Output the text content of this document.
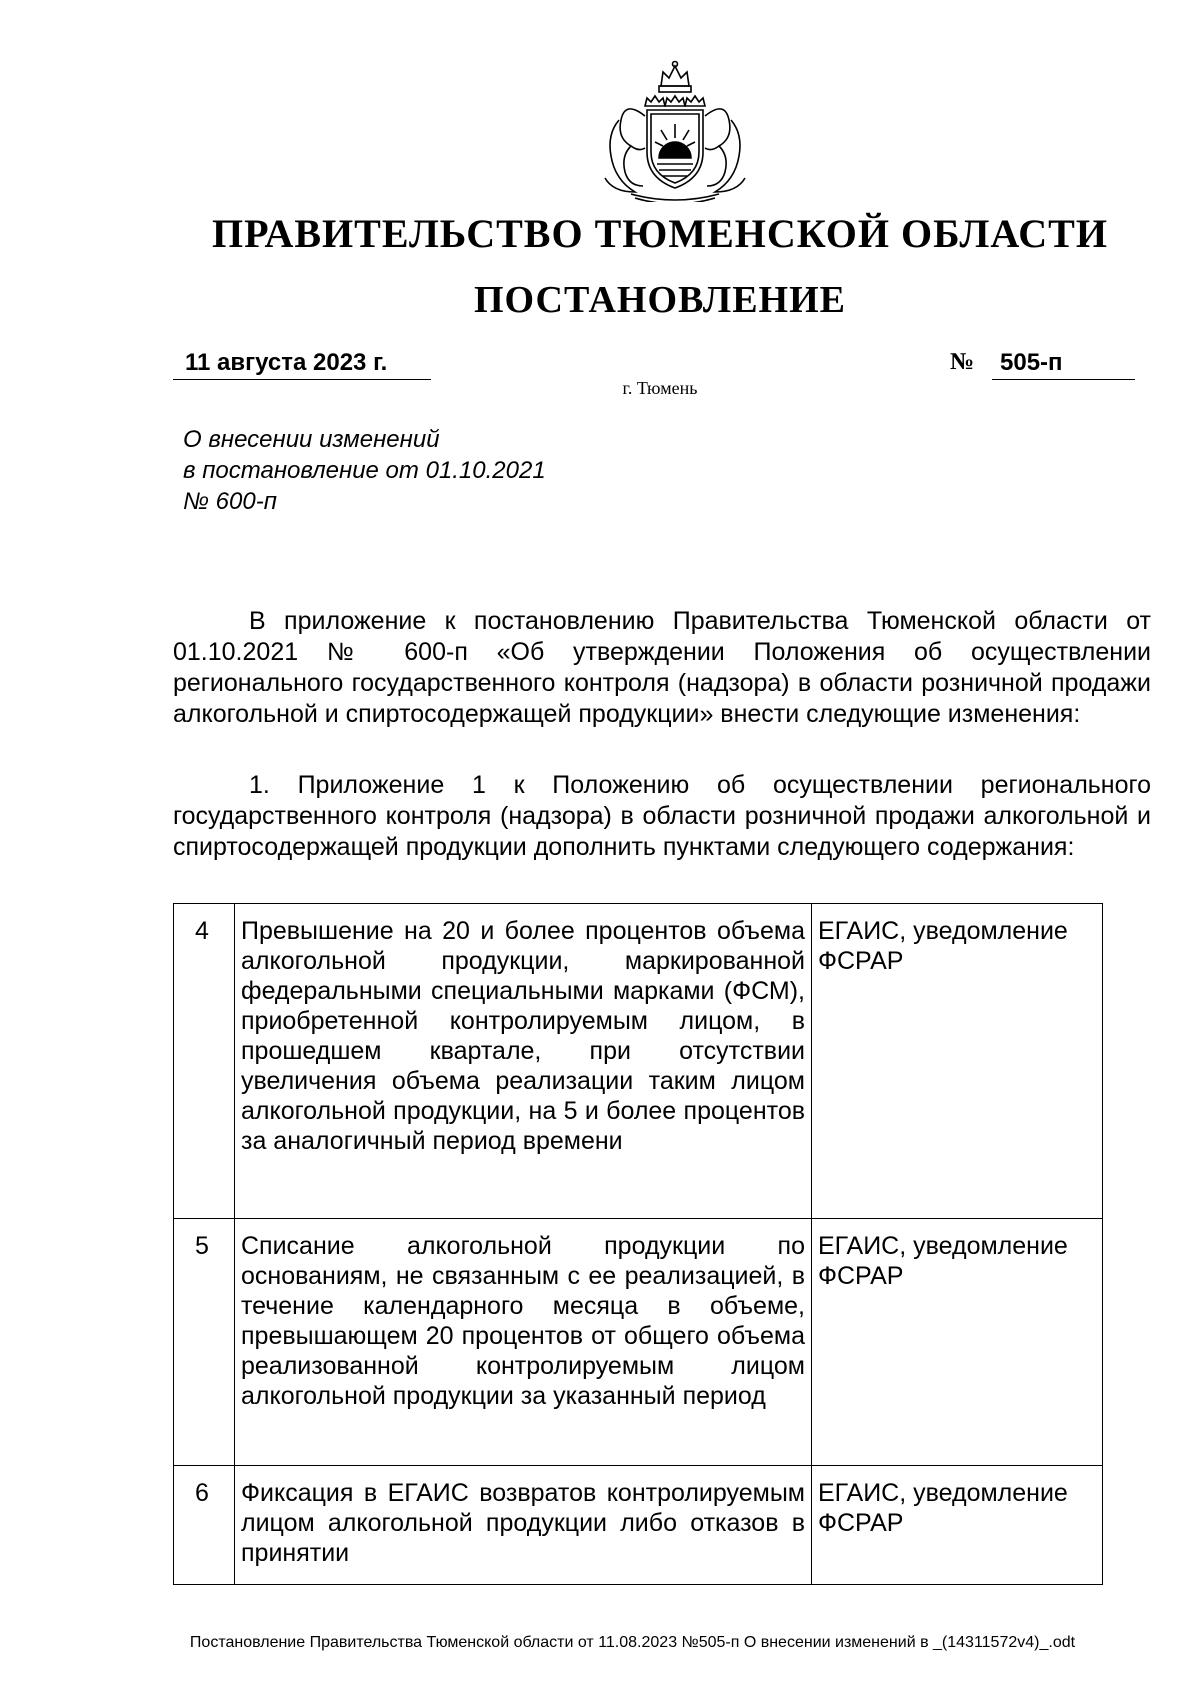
ПРАВИТЕЛЬСТВО ТЮМЕНСКОЙ ОБЛАСТИ
ПОСТАНОВЛЕНИЕ
11 августа 2023 г.	№ 505-п
г. Тюмень
О внесении изменений
в постановление от 01.10.2021
№ 600-п
В приложение к постановлению Правительства Тюменской области от 01.10.2021 № 600-п «Об утверждении Положения об осуществлении регионального государственного контроля (надзора) в области розничной продажи алкогольной и спиртосодержащей продукции» внести следующие изменения:
1. Приложение 1 к Положению об осуществлении регионального государственного контроля (надзора) в области розничной продажи алкогольной и спиртосодержащей продукции дополнить пунктами следующего содержания:
4	Превышение на 20 и более процентов объема алкогольной продукции, маркированной федеральными специальными марками (ФСМ), приобретенной контролируемым лицом, в прошедшем квартале, при отсутствии увеличения объема реализации таким лицом алкогольной продукции, на 5 и более процентов за аналогичный период времени	ЕГАИС, уведомление ФСРАР
5	Списание алкогольной продукции по основаниям, не связанным с ее реализацией, в течение календарного месяца в объеме, превышающем 20 процентов от общего объема реализованной контролируемым лицом алкогольной продукции за указанный период	ЕГАИС, уведомление ФСРАР
6	Фиксация в ЕГАИС возвратов контролируемым лицом алкогольной продукции либо отказов в принятии	ЕГАИС, уведомление ФСРАР
Постановление Правительства Тюменской области от 11.08.2023 №505-п О внесении изменений в _(14311572v4)_.odt
